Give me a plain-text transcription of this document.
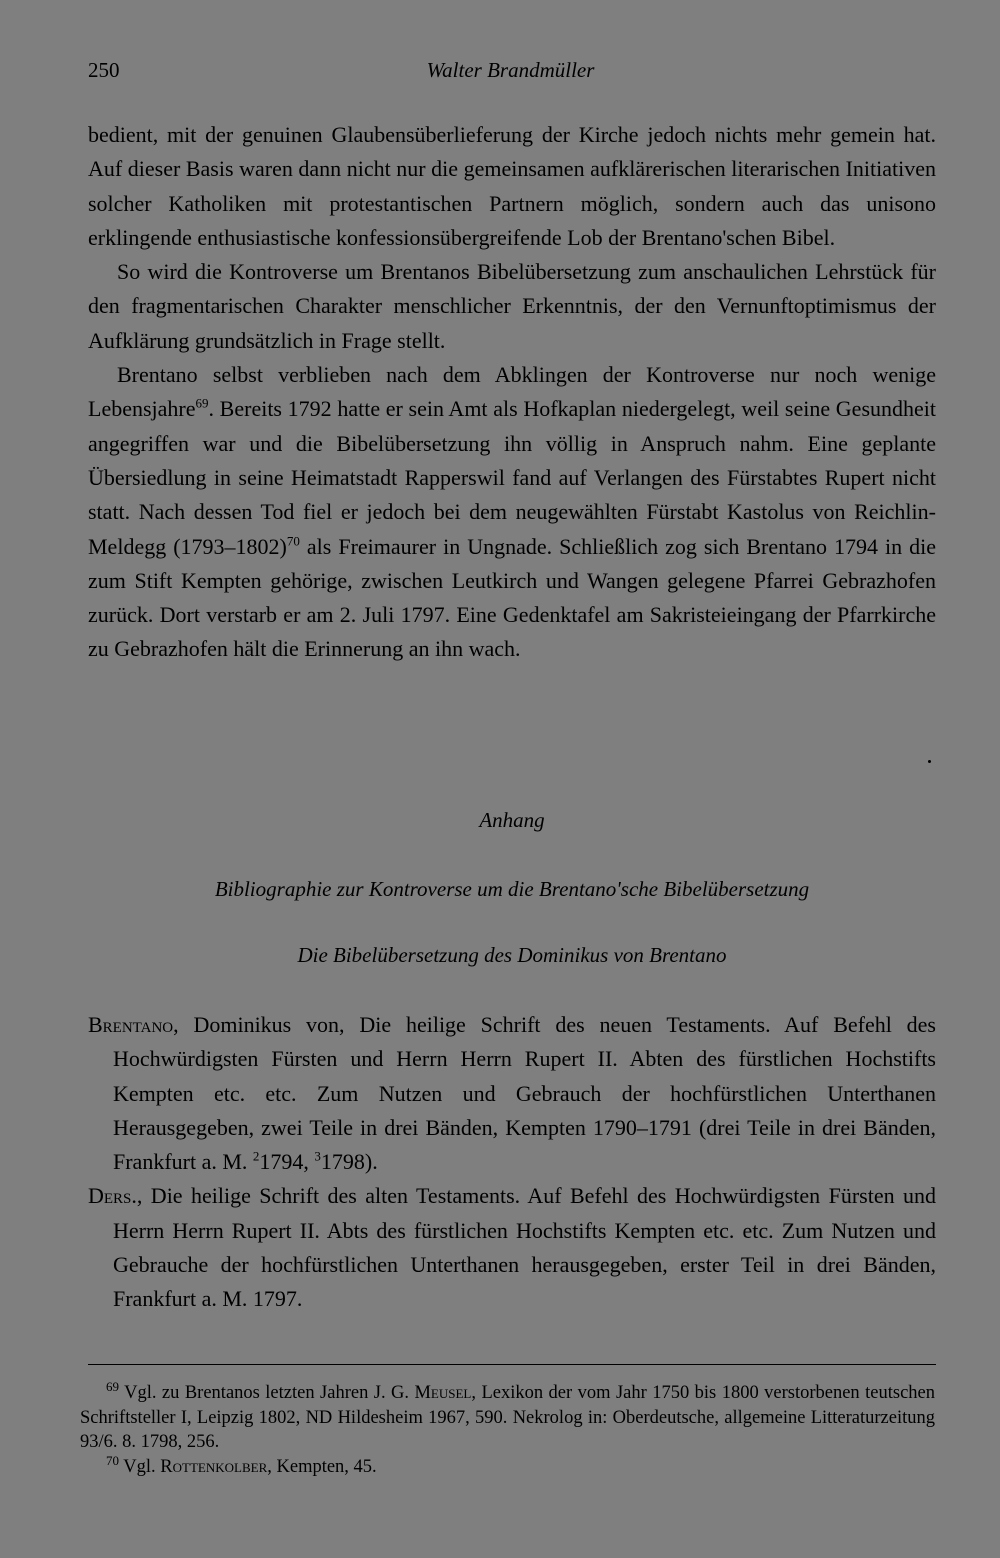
250	Walter Brandmüller

bedient, mit der genuinen Glaubensüberlieferung der Kirche jedoch nichts mehr gemein hat. Auf dieser Basis waren dann nicht nur die gemeinsamen aufklärerischen literarischen Initiativen solcher Katholiken mit protestantischen Partnern möglich, sondern auch das unisono erklingende enthusiastische konfessionsübergreifende Lob der Brentano'schen Bibel.

So wird die Kontroverse um Brentanos Bibelübersetzung zum anschaulichen Lehrstück für den fragmentarischen Charakter menschlicher Erkenntnis, der den Vernunftoptimismus der Aufklärung grundsätzlich in Frage stellt.

Brentano selbst verblieben nach dem Abklingen der Kontroverse nur noch wenige Lebensjahre$^{69}$. Bereits 1792 hatte er sein Amt als Hofkaplan niedergelegt, weil seine Gesundheit angegriffen war und die Bibelübersetzung ihn völlig in Anspruch nahm. Eine geplante Übersiedlung in seine Heimatstadt Rapperswil fand auf Verlangen des Fürstabtes Rupert nicht statt. Nach dessen Tod fiel er jedoch bei dem neugewählten Fürstabt Kastolus von Reichlin-Meldegg (1793–1802)$^{70}$ als Freimaurer in Ungnade. Schließlich zog sich Brentano 1794 in die zum Stift Kempten gehörige, zwischen Leutkirch und Wangen gelegene Pfarrei Gebrazhofen zurück. Dort verstarb er am 2. Juli 1797. Eine Gedenktafel am Sakristeieingang der Pfarrkirche zu Gebrazhofen hält die Erinnerung an ihn wach.

Anhang

Bibliographie zur Kontroverse um die Brentano'sche Bibelübersetzung

Die Bibelübersetzung des Dominikus von Brentano

Brentano, Dominikus von, Die heilige Schrift des neuen Testaments. Auf Befehl des Hochwürdigsten Fürsten und Herrn Herrn Rupert II. Abten des fürstlichen Hochstifts Kempten etc. etc. Zum Nutzen und Gebrauch der hochfürstlichen Unterthanen Herausgegeben, zwei Teile in drei Bänden, Kempten 1790–1791 (drei Teile in drei Bänden, Frankfurt a. M. $^2$1794, $^3$1798).

Ders., Die heilige Schrift des alten Testaments. Auf Befehl des Hochwürdigsten Fürsten und Herrn Herrn Rupert II. Abts des fürstlichen Hochstifts Kempten etc. etc. Zum Nutzen und Gebrauche der hochfürstlichen Unterthanen herausgegeben, erster Teil in drei Bänden, Frankfurt a. M. 1797.

$^{69}$ Vgl. zu Brentanos letzten Jahren J. G. Meusel, Lexikon der vom Jahr 1750 bis 1800 verstorbenen teutschen Schriftsteller I, Leipzig 1802, ND Hildesheim 1967, 590. Nekrolog in: Oberdeutsche, allgemeine Litteraturzeitung 93/6. 8. 1798, 256.

$^{70}$ Vgl. Rottenkolber, Kempten, 45.
